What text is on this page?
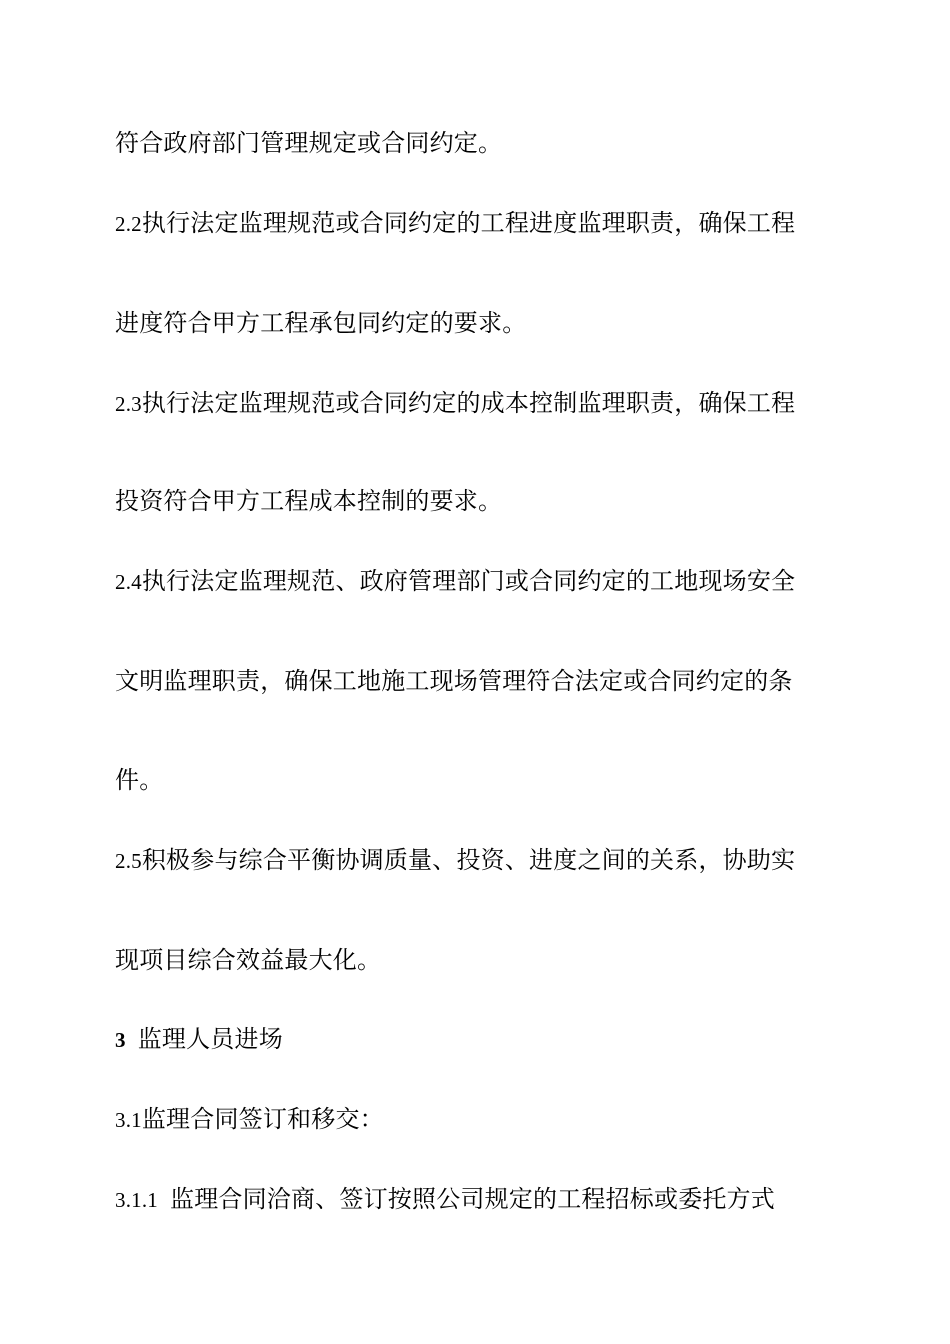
符合政府部门管理规定或合同约定。
2.2执行法定监理规范或合同约定的工程进度监理职责，确保工程
进度符合甲方工程承包同约定的要求。
2.3执行法定监理规范或合同约定的成本控制监理职责，确保工程
投资符合甲方工程成本控制的要求。
2.4执行法定监理规范、政府管理部门或合同约定的工地现场安全
文明监理职责，确保工地施工现场管理符合法定或合同约定的条
件。
2.5积极参与综合平衡协调质量、投资、进度之间的关系，协助实
现项目综合效益最大化。
3 监理人员进场
3.1监理合同签订和移交：
3.1.1 监理合同洽商、签订按照公司规定的工程招标或委托方式
